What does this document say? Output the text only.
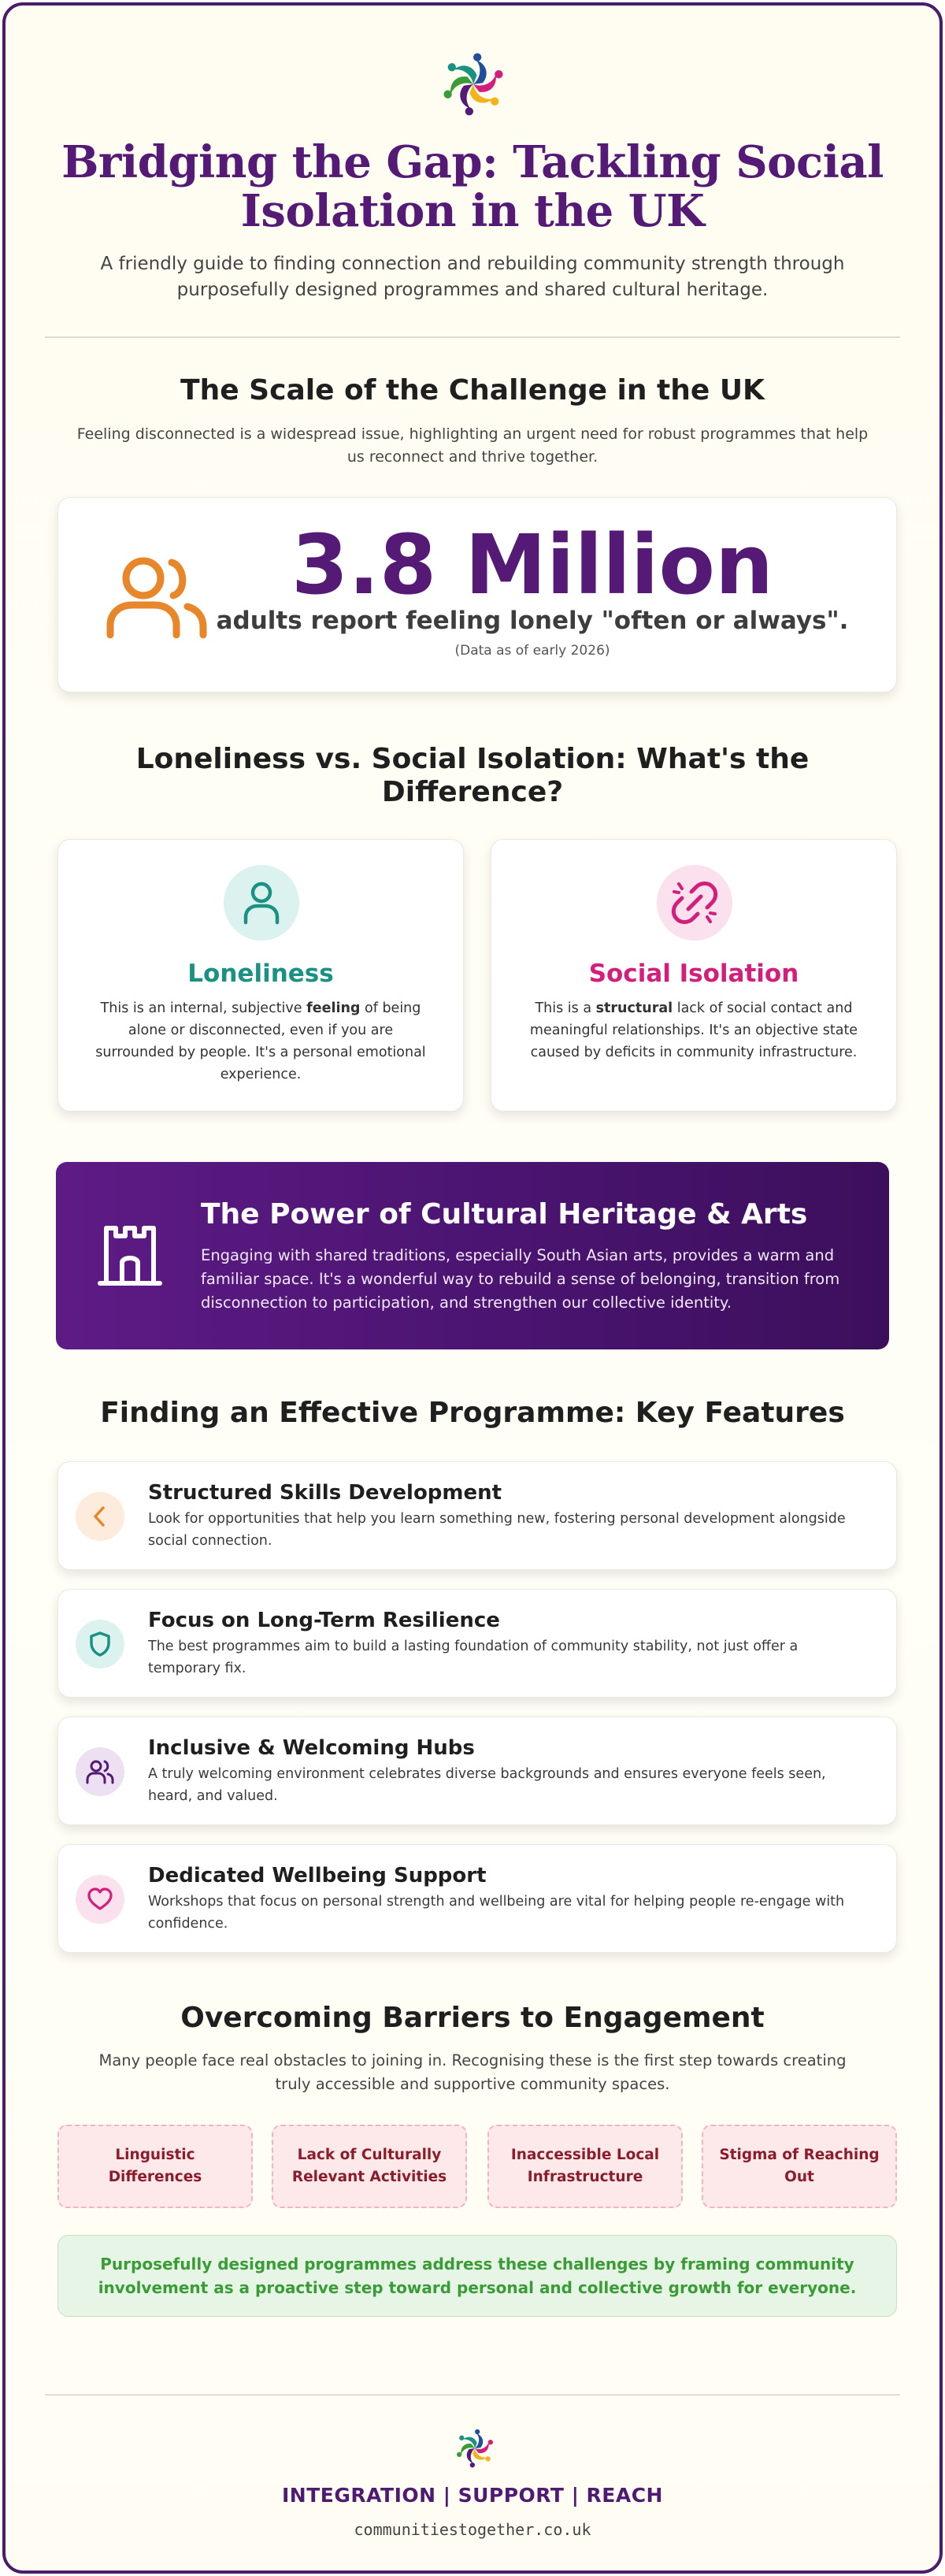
Bridging the Gap: Tackling Social Isolation in the UK

A friendly guide to finding connection and rebuilding community strength through purposefully designed programmes and shared cultural heritage.

The Scale of the Challenge in the UK

Feeling disconnected is a widespread issue, highlighting an urgent need for robust programmes that help us reconnect and thrive together.

3.8 Million
adults report feeling lonely "often or always".
(Data as of early 2026)
Loneliness vs. Social Isolation: What's the Difference?
Loneliness

This is an internal, subjective feeling of being alone or disconnected, even if you are surrounded by people. It's a personal emotional experience.

Social Isolation

This is a structural lack of social contact and meaningful relationships. It's an objective state caused by deficits in community infrastructure.

The Power of Cultural Heritage & Arts

Engaging with shared traditions, especially South Asian arts, provides a warm and familiar space. It's a wonderful way to rebuild a sense of belonging, transition from disconnection to participation, and strengthen our collective identity.

Finding an Effective Programme: Key Features
Structured Skills Development

Look for opportunities that help you learn something new, fostering personal development alongside social connection.

Focus on Long-Term Resilience

The best programmes aim to build a lasting foundation of community stability, not just offer a temporary fix.

Inclusive & Welcoming Hubs

A truly welcoming environment celebrates diverse backgrounds and ensures everyone feels seen, heard, and valued.

Dedicated Wellbeing Support

Workshops that focus on personal strength and wellbeing are vital for helping people re-engage with confidence.

Overcoming Barriers to Engagement

Many people face real obstacles to joining in. Recognising these is the first step towards creating truly accessible and supportive community spaces.

Linguistic Differences
Lack of Culturally Relevant Activities
Inaccessible Local Infrastructure
Stigma of Reaching Out
Purposefully designed programmes address these challenges by framing community involvement as a proactive step toward personal and collective growth for everyone.
INTEGRATION | SUPPORT | REACH
communitiestogether.co.uk
